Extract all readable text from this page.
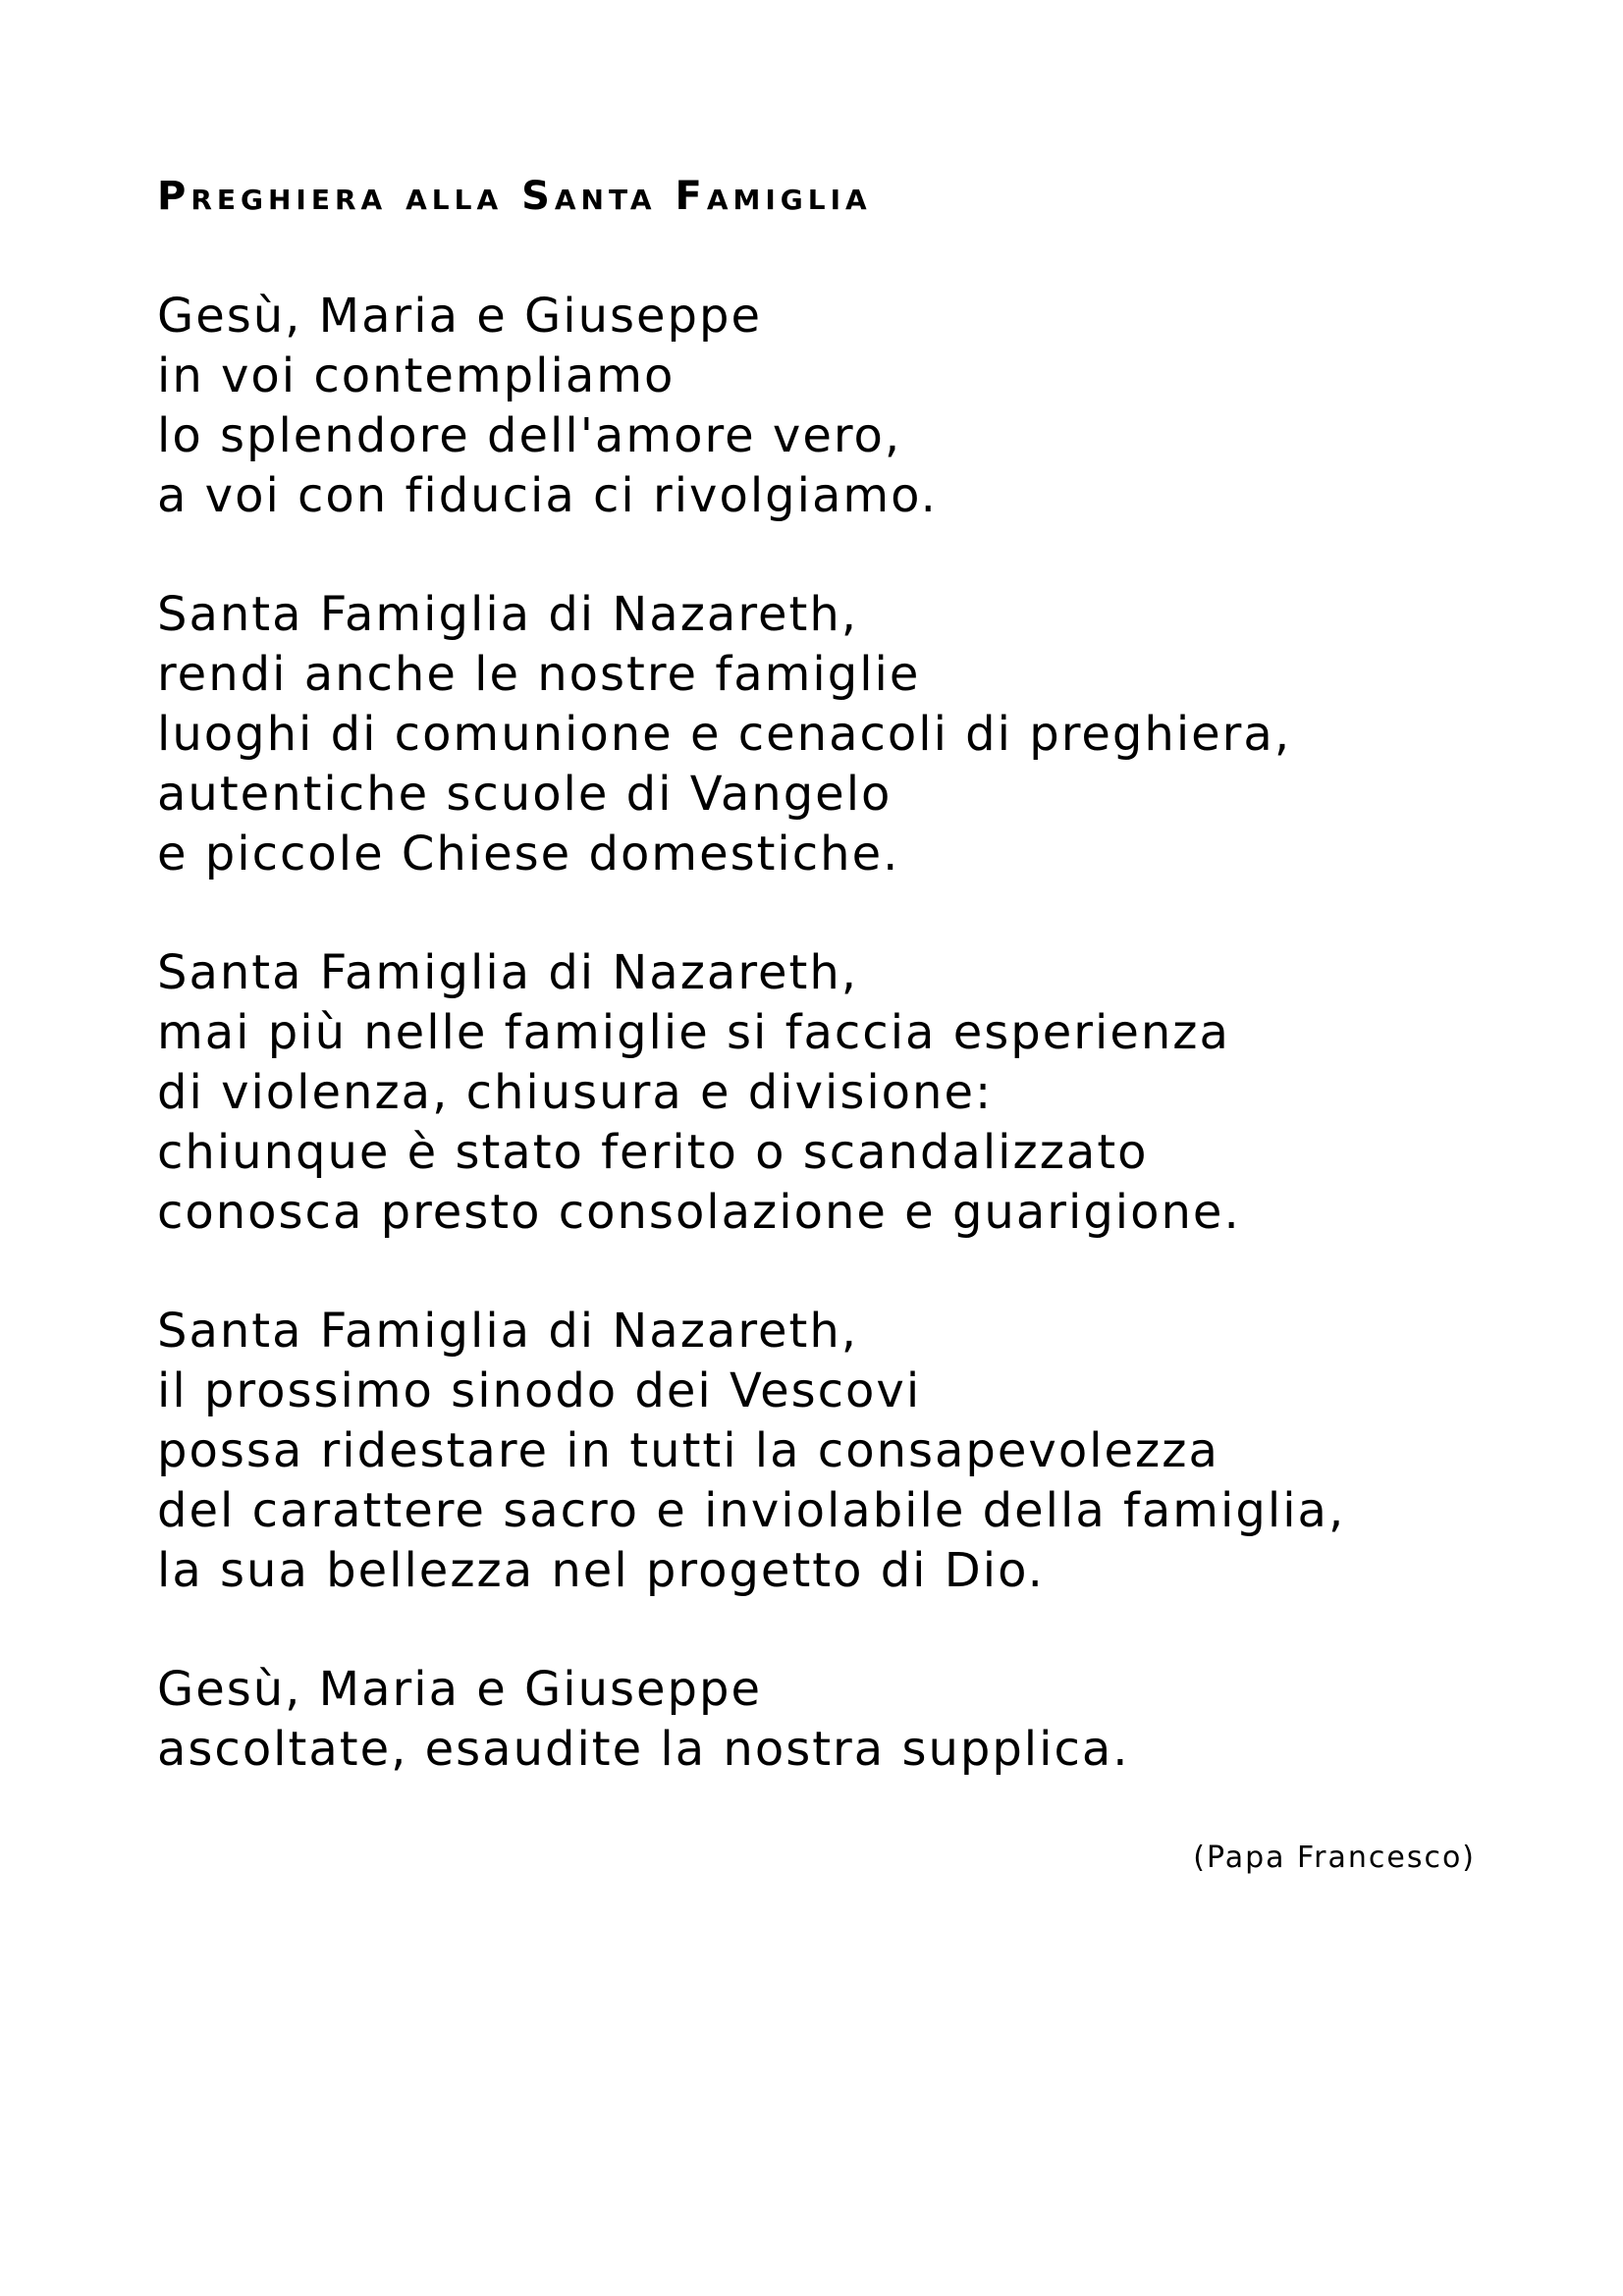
Preghiera alla Santa Famiglia

Gesù, Maria e Giuseppe
in voi contempliamo
lo splendore dell'amore vero,
a voi con fiducia ci rivolgiamo.

Santa Famiglia di Nazareth,
rendi anche le nostre famiglie
luoghi di comunione e cenacoli di preghiera,
autentiche scuole di Vangelo
e piccole Chiese domestiche.

Santa Famiglia di Nazareth,
mai più nelle famiglie si faccia esperienza
di violenza, chiusura e divisione:
chiunque è stato ferito o scandalizzato
conosca presto consolazione e guarigione.

Santa Famiglia di Nazareth,
il prossimo sinodo dei Vescovi
possa ridestare in tutti la consapevolezza
del carattere sacro e inviolabile della famiglia,
la sua bellezza nel progetto di Dio.

Gesù, Maria e Giuseppe
ascoltate, esaudite la nostra supplica.

(Papa Francesco)
